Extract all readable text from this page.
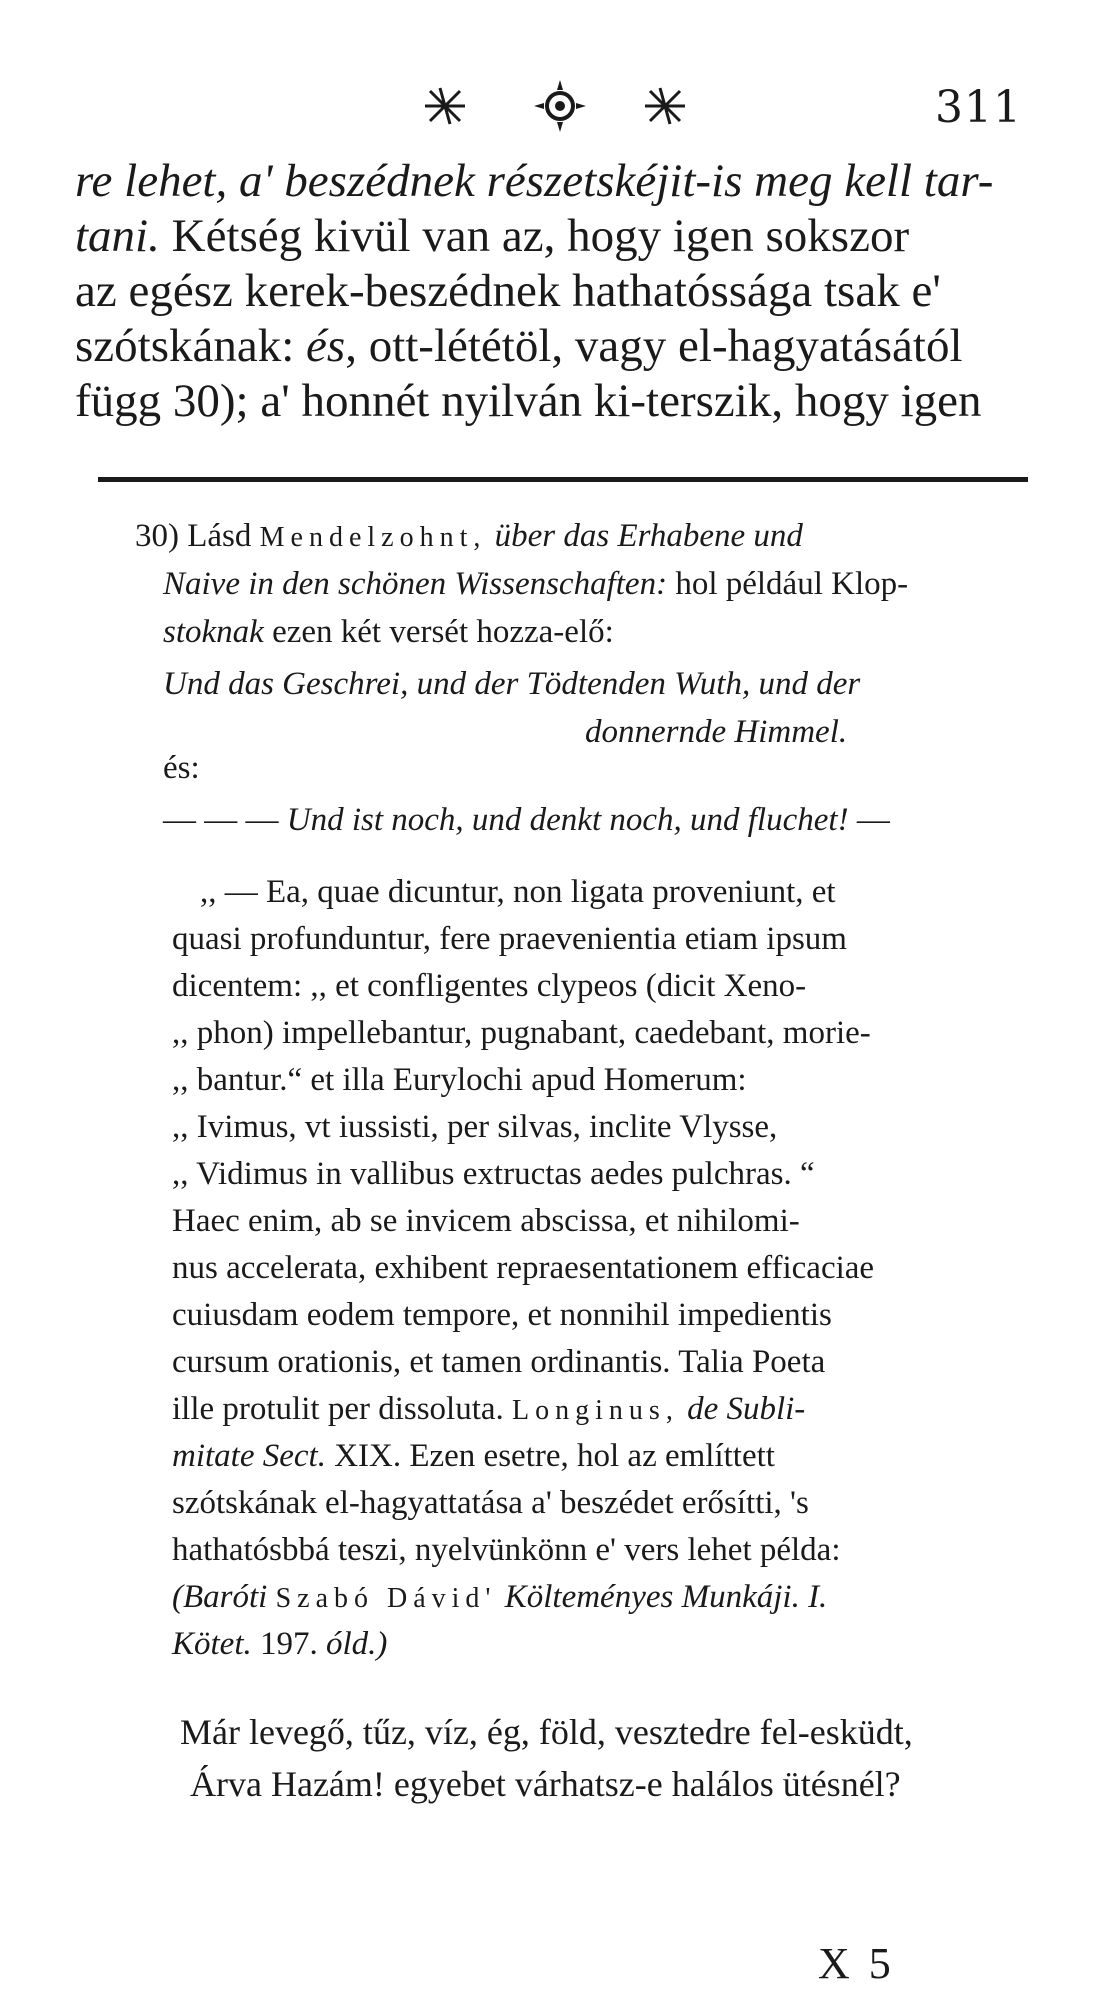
311
re lehet, a' beszédnek részetskéjit-is meg kell tar-
tani. Kétség kivül van az, hogy igen sokszor
az egész kerek-beszédnek hathatóssága tsak e'
szótskának: és, ott-lététöl, vagy el-hagyatásától
függ 30); a' honnét nyilván ki-terszik, hogy igen
30) Lásd Mendelzohnt, über das Erhabene und
Naive in den schönen Wissenschaften: hol például Klop-
stoknak ezen két versét hozza-elő:
Und das Geschrei, und der Tödtenden Wuth, und der
donnernde Himmel.
és:
— — — Und ist noch, und denkt noch, und fluchet! —
,, — Ea, quae dicuntur, non ligata proveniunt, et
quasi profunduntur, fere praevenientia etiam ipsum
dicentem: ,, et confligentes clypeos (dicit Xeno-
,, phon) impellebantur, pugnabant, caedebant, morie-
,, bantur.“ et illa Eurylochi apud Homerum:
,, Ivimus, vt iussisti, per silvas, inclite Vlysse,
,, Vidimus in vallibus extructas aedes pulchras. “
Haec enim, ab se invicem abscissa, et nihilomi-
nus accelerata, exhibent repraesentationem efficaciae
cuiusdam eodem tempore, et nonnihil impedientis
cursum orationis, et tamen ordinantis. Talia Poeta
ille protulit per dissoluta. Longinus, de Subli-
mitate Sect. XIX. Ezen esetre, hol az említtett
szótskának el-hagyattatása a' beszédet erősítti, 's
hathatósbbá teszi, nyelvünkönn e' vers lehet példa:
(Baróti Szabó Dávid' Költeményes Munkáji. I.
Kötet. 197. óld.)
Már levegő, tűz, víz, ég, föld, vesztedre fel-esküdt,
Árva Hazám! egyebet várhatsz-e halálos ütésnél?
X 5
